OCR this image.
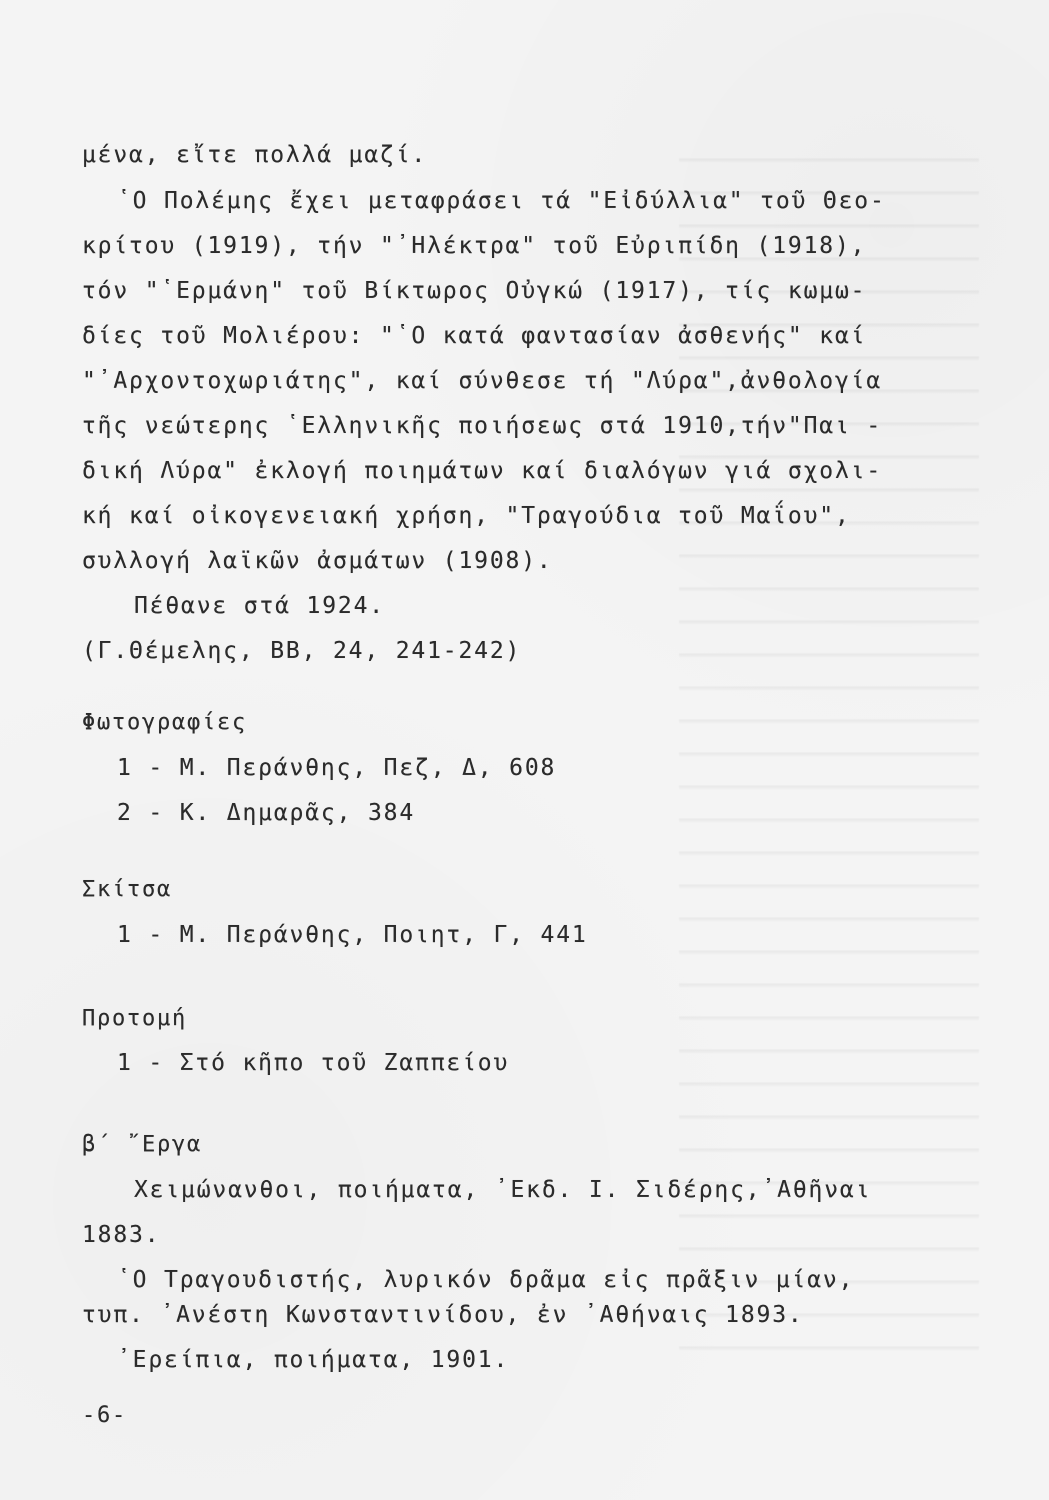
μένα, εἴτε πολλά μαζί.
῾Ο Πολέμης ἔχει μεταφράσει τά "Εἰδύλλια" τοῦ Θεο-
κρίτου (1919), τήν "᾿Ηλέκτρα" τοῦ Εὐριπίδη (1918),
τόν "῾Ερμάνη" τοῦ Βίκτωρος Οὐγκώ (1917), τίς κωμω-
δίες τοῦ Μολιέρου: "῾Ο κατά φαντασίαν ἀσθενής" καί
"᾿Αρχοντοχωριάτης", καί σύνθεσε τή "Λύρα",ἀνθολογία
τῆς νεώτερης ῾Ελληνικῆς ποιήσεως στά 1910,τήν"Παι -
δική Λύρα" ἐκλογή ποιημάτων καί διαλόγων γιά σχολι-
κή καί οἰκογενειακή χρήση, "Τραγούδια τοῦ Μαΐου",
συλλογή λαϊκῶν ἀσμάτων (1908).
Πέθανε στά 1924.
(Γ.Θέμελης, ΒΒ, 24, 241-242)
Φωτογραφίες
1 - Μ. Περάνθης, Πεζ, Δ, 608
2 - Κ. Δημαρᾶς, 384
Σκίτσα
1 - Μ. Περάνθης, Ποιητ, Γ, 441
Προτομή
1 - Στό κῆπο τοῦ Ζαππείου
β΄ ῎Εργα
Χειμώνανθοι, ποιήματα, ᾿Εκδ. Ι. Σιδέρης,᾿Αθῆναι
1883.
῾Ο Τραγουδιστής, λυρικόν δρᾶμα εἰς πρᾶξιν μίαν,
τυπ. ᾿Ανέστη Κωνσταντινίδου, ἐν ᾿Αθήναις 1893.
᾿Ερείπια, ποιήματα, 1901.
-6-
